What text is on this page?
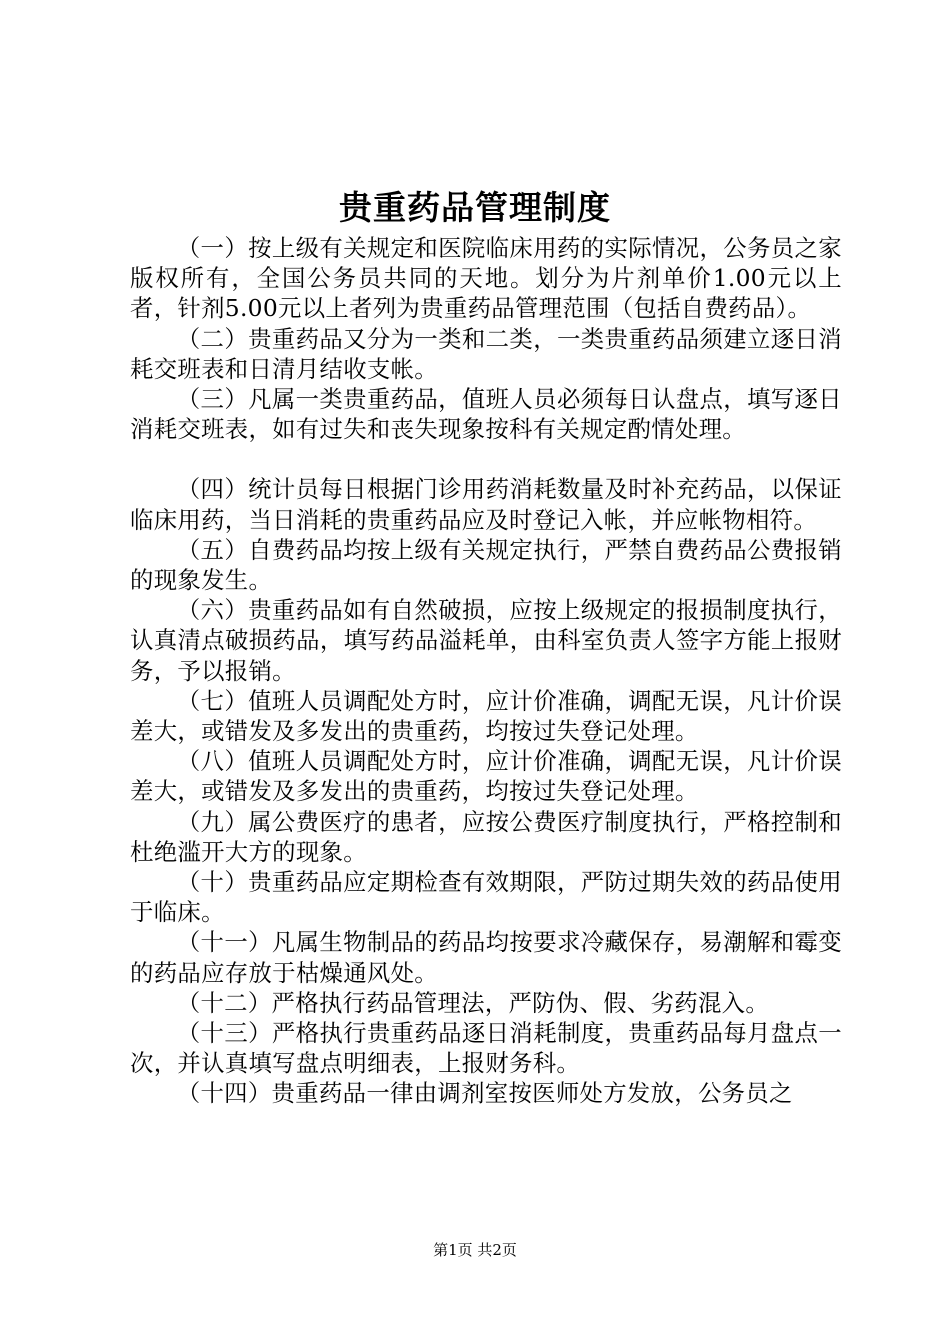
贵重药品管理制度

（一）按上级有关规定和医院临床用药的实际情况，公务员之家版权所有，全国公务员共同的天地。划分为片剂单价1.00元以上者，针剂5.00元以上者列为贵重药品管理范围（包括自费药品）。

（二）贵重药品又分为一类和二类，一类贵重药品须建立逐日消耗交班表和日清月结收支帐。

（三）凡属一类贵重药品，值班人员必须每日认盘点，填写逐日消耗交班表，如有过失和丧失现象按科有关规定酌情处理。

（四）统计员每日根据门诊用药消耗数量及时补充药品，以保证临床用药，当日消耗的贵重药品应及时登记入帐，并应帐物相符。

（五）自费药品均按上级有关规定执行，严禁自费药品公费报销的现象发生。

（六）贵重药品如有自然破损，应按上级规定的报损制度执行，认真清点破损药品，填写药品溢耗单，由科室负责人签字方能上报财务，予以报销。

（七）值班人员调配处方时，应计价准确，调配无误，凡计价误差大，或错发及多发出的贵重药，均按过失登记处理。

（八）值班人员调配处方时，应计价准确，调配无误，凡计价误差大，或错发及多发出的贵重药，均按过失登记处理。

（九）属公费医疗的患者，应按公费医疗制度执行，严格控制和杜绝滥开大方的现象。

（十）贵重药品应定期检查有效期限，严防过期失效的药品使用于临床。

（十一）凡属生物制品的药品均按要求冷藏保存，易潮解和霉变的药品应存放于枯燥通风处。

（十二）严格执行药品管理法，严防伪、假、劣药混入。

（十三）严格执行贵重药品逐日消耗制度，贵重药品每月盘点一次，并认真填写盘点明细表，上报财务科。

（十四）贵重药品一律由调剂室按医师处方发放，公务员之

第1页 共2页
